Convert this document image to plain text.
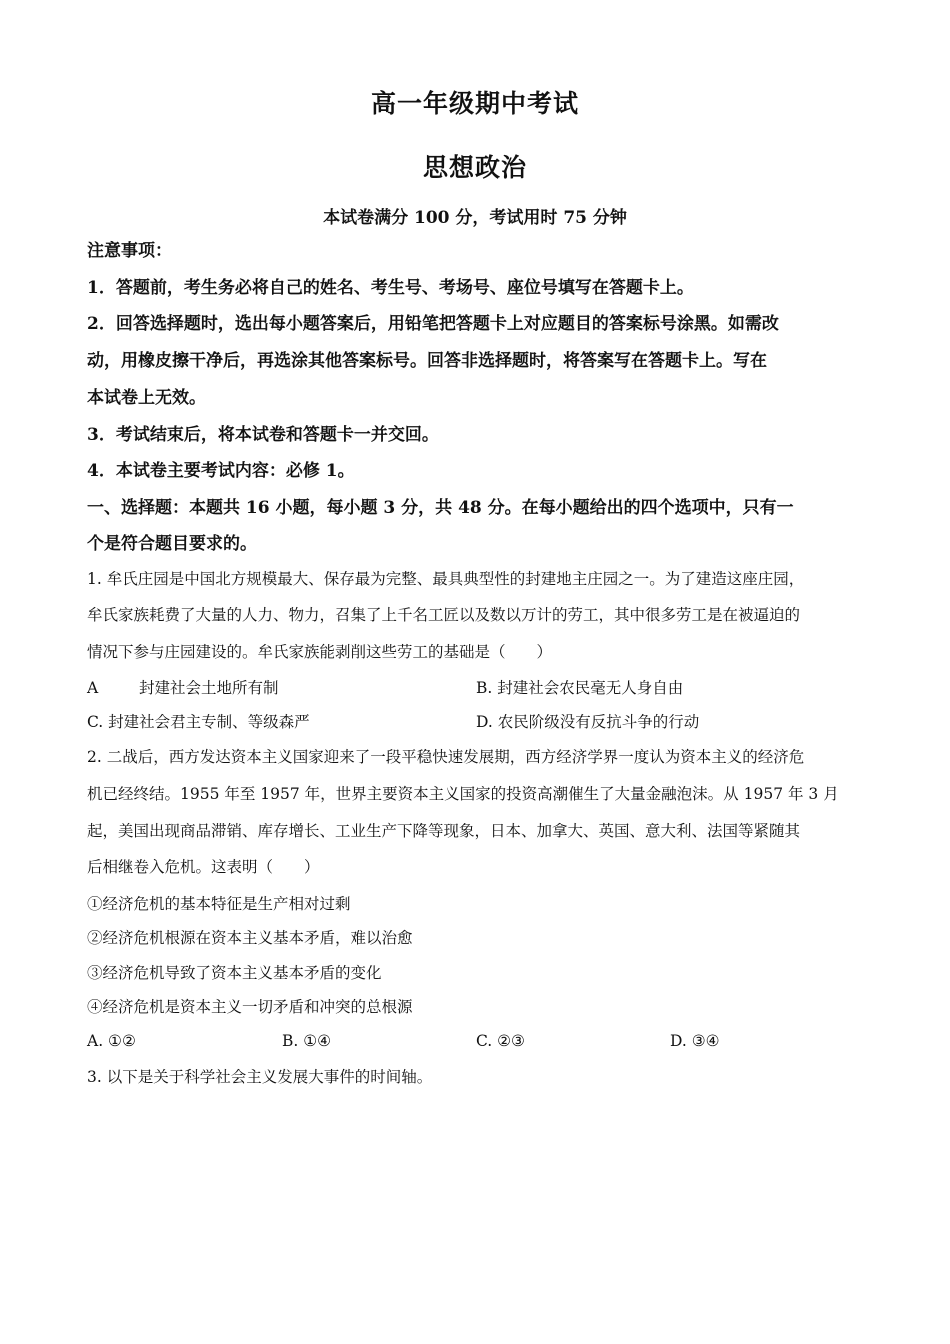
高一年级期中考试
思想政治
本试卷满分 100 分，考试用时 75 分钟
注意事项：
1．答题前，考生务必将自己的姓名、考生号、考场号、座位号填写在答题卡上。
2．回答选择题时，选出每小题答案后，用铅笔把答题卡上对应题目的答案标号涂黑。如需改
动，用橡皮擦干净后，再选涂其他答案标号。回答非选择题时，将答案写在答题卡上。写在
本试卷上无效。
3．考试结束后，将本试卷和答题卡一并交回。
4．本试卷主要考试内容：必修 1。
一、选择题：本题共 16 小题，每小题 3 分，共 48 分。在每小题给出的四个选项中，只有一
个是符合题目要求的。
1. 牟氏庄园是中国北方规模最大、保存最为完整、最具典型性的封建地主庄园之一。为了建造这座庄园，
牟氏家族耗费了大量的人力、物力，召集了上千名工匠以及数以万计的劳工，其中很多劳工是在被逼迫的
情况下参与庄园建设的。牟氏家族能剥削这些劳工的基础是（　　）
A	封建社会土地所有制	B. 封建社会农民毫无人身自由
C. 封建社会君主专制、等级森严	D. 农民阶级没有反抗斗争的行动
2. 二战后，西方发达资本主义国家迎来了一段平稳快速发展期，西方经济学界一度认为资本主义的经济危
机已经终结。1955 年至 1957 年，世界主要资本主义国家的投资高潮催生了大量金融泡沫。从 1957 年 3 月
起，美国出现商品滞销、库存增长、工业生产下降等现象，日本、加拿大、英国、意大利、法国等紧随其
后相继卷入危机。这表明（　　）
①经济危机的基本特征是生产相对过剩
②经济危机根源在资本主义基本矛盾，难以治愈
③经济危机导致了资本主义基本矛盾的变化
④经济危机是资本主义一切矛盾和冲突的总根源
A. ①②	B. ①④	C. ②③	D. ③④
3. 以下是关于科学社会主义发展大事件的时间轴。
